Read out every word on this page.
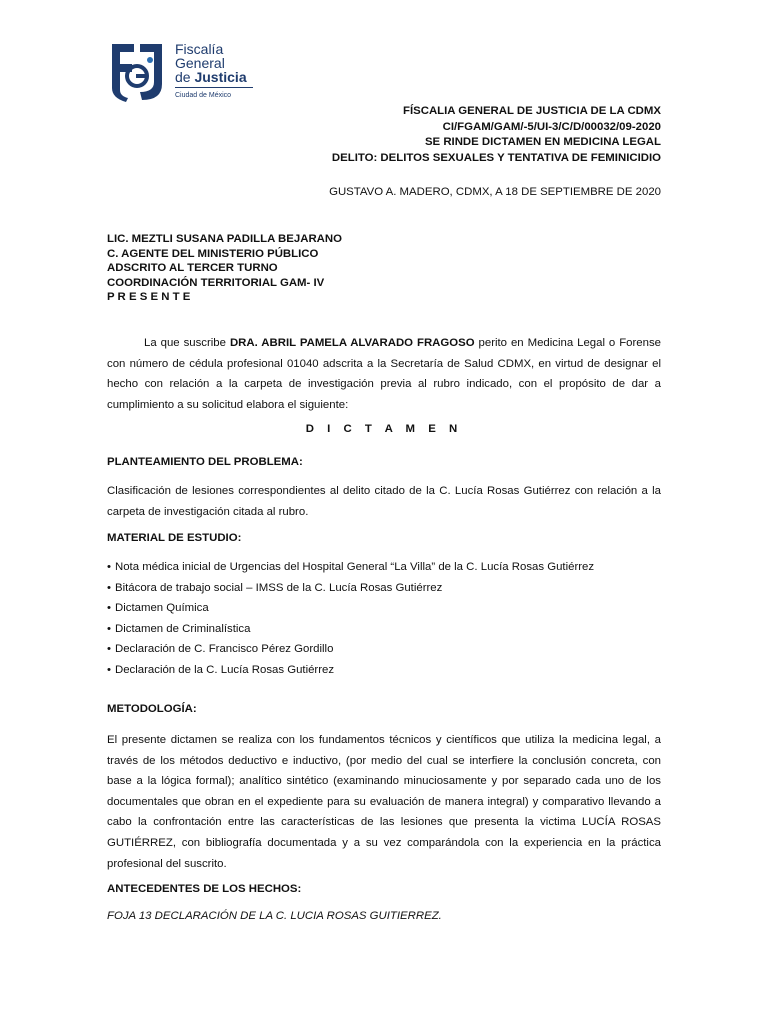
Fiscalía
General
de Justicia
Ciudad de México
FÍSCALIA GENERAL DE JUSTICIA DE LA CDMX
CI/FGAM/GAM/-5/UI-3/C/D/00032/09-2020
SE RINDE DICTAMEN EN MEDICINA LEGAL
DELITO: DELITOS SEXUALES Y TENTATIVA DE FEMINICIDIO
GUSTAVO A. MADERO, CDMX, A 18 DE SEPTIEMBRE DE 2020
LIC. MEZTLI SUSANA PADILLA BEJARANO
C. AGENTE DEL MINISTERIO PÚBLICO
ADSCRITO AL TERCER TURNO
COORDINACIÓN TERRITORIAL GAM- IV
P R E S E N T E
La que suscribe DRA. ABRIL PAMELA ALVARADO FRAGOSO perito en Medicina Legal o Forense con número de cédula profesional 01040 adscrita a la Secretaría de Salud CDMX, en virtud de designar el hecho con relación a la carpeta de investigación previa al rubro indicado, con el propósito de dar a cumplimiento a su solicitud elabora el siguiente:
D I C T A M E N
PLANTEAMIENTO DEL PROBLEMA:
Clasificación de lesiones correspondientes al delito citado de la C. Lucía Rosas Gutiérrez con relación a la carpeta de investigación citada al rubro.
MATERIAL DE ESTUDIO:
• Nota médica inicial de Urgencias del Hospital General “La Villa” de la C. Lucía Rosas Gutiérrez
• Bitácora de trabajo social – IMSS de la C. Lucía Rosas Gutiérrez
• Dictamen Química
• Dictamen de Criminalística
• Declaración de C. Francisco Pérez Gordillo
• Declaración de la C. Lucía Rosas Gutiérrez
METODOLOGÍA:
El presente dictamen se realiza con los fundamentos técnicos y científicos que utiliza la medicina legal, a través de los métodos deductivo e inductivo, (por medio del cual se interfiere la conclusión concreta, con base a la lógica formal); analítico sintético (examinando minuciosamente y por separado cada uno de los documentales que obran en el expediente para su evaluación de manera integral) y comparativo llevando a cabo la confrontación entre las características de las lesiones que presenta la victima LUCÍA ROSAS GUTIÉRREZ, con bibliografía documentada y a su vez comparándola con la experiencia en la práctica profesional del suscrito.
ANTECEDENTES DE LOS HECHOS:
FOJA 13 DECLARACIÓN DE LA C. LUCIA ROSAS GUITIERREZ.
